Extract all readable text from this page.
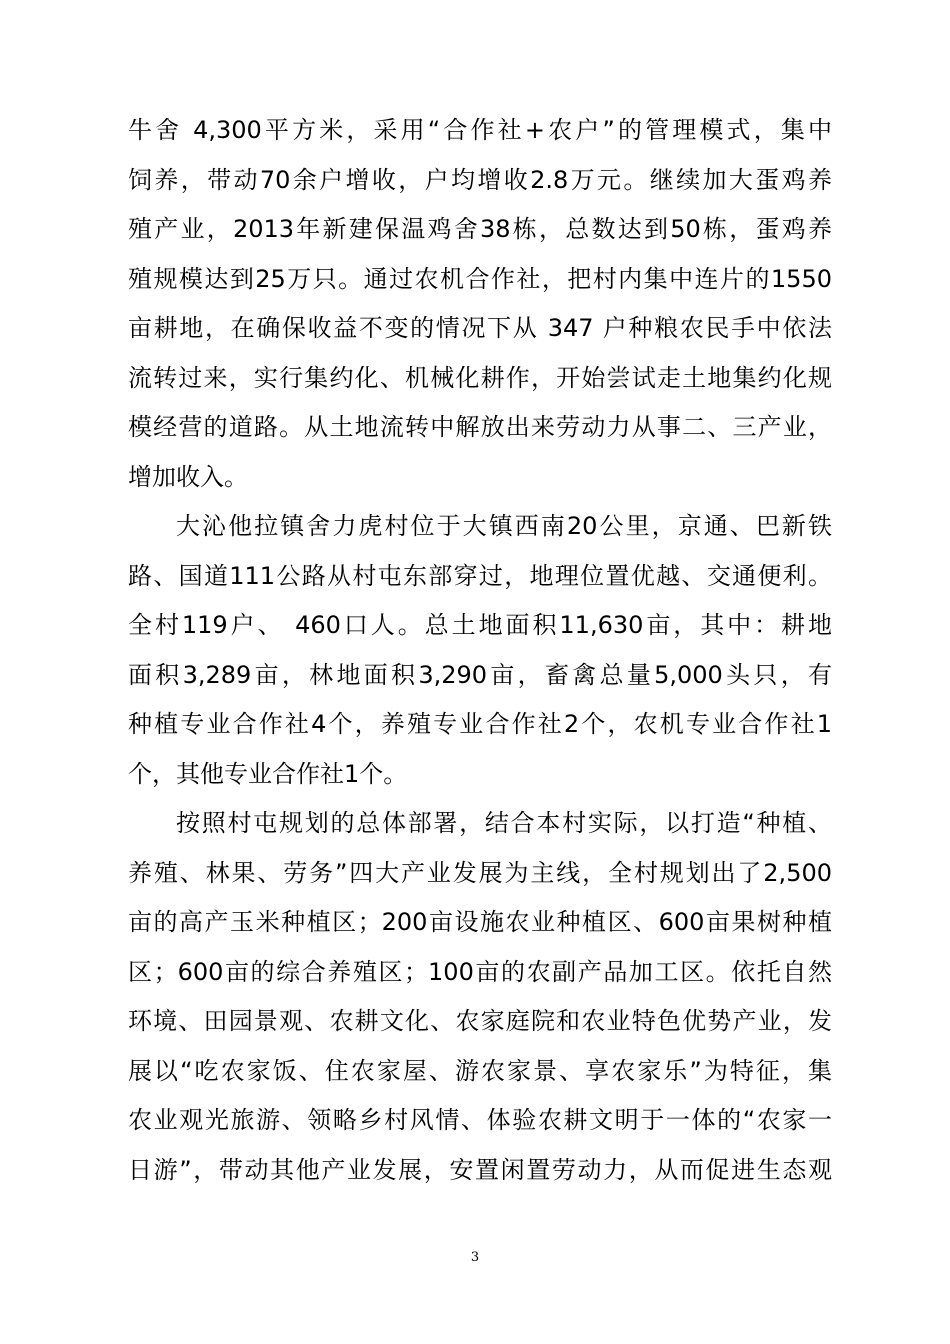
牛舍 4,300平方米，采用“合作社+农户”的管理模式，集中
饲养，带动70余户增收，户均增收2.8万元。继续加大蛋鸡养
殖产业，2013年新建保温鸡舍38栋，总数达到50栋，蛋鸡养
殖规模达到25万只。通过农机合作社，把村内集中连片的1550
亩耕地，在确保收益不变的情况下从 347 户种粮农民手中依法
流转过来，实行集约化、机械化耕作，开始尝试走土地集约化规
模经营的道路。从土地流转中解放出来劳动力从事二、三产业，
增加收入。
大沁他拉镇舍力虎村位于大镇西南20公里，京通、巴新铁
路、国道111公路从村屯东部穿过，地理位置优越、交通便利。
全村119户、 460口人。总土地面积11,630亩，其中：耕地
面积3,289亩，林地面积3,290亩，畜禽总量5,000头只，有
种植专业合作社4个，养殖专业合作社2个，农机专业合作社1
个，其他专业合作社1个。
按照村屯规划的总体部署，结合本村实际，以打造“种植、
养殖、林果、劳务”四大产业发展为主线，全村规划出了2,500
亩的高产玉米种植区；200亩设施农业种植区、600亩果树种植
区；600亩的综合养殖区；100亩的农副产品加工区。依托自然
环境、田园景观、农耕文化、农家庭院和农业特色优势产业，发
展以“吃农家饭、住农家屋、游农家景、享农家乐”为特征，集
农业观光旅游、领略乡村风情、体验农耕文明于一体的“农家一
日游”，带动其他产业发展，安置闲置劳动力，从而促进生态观
3
